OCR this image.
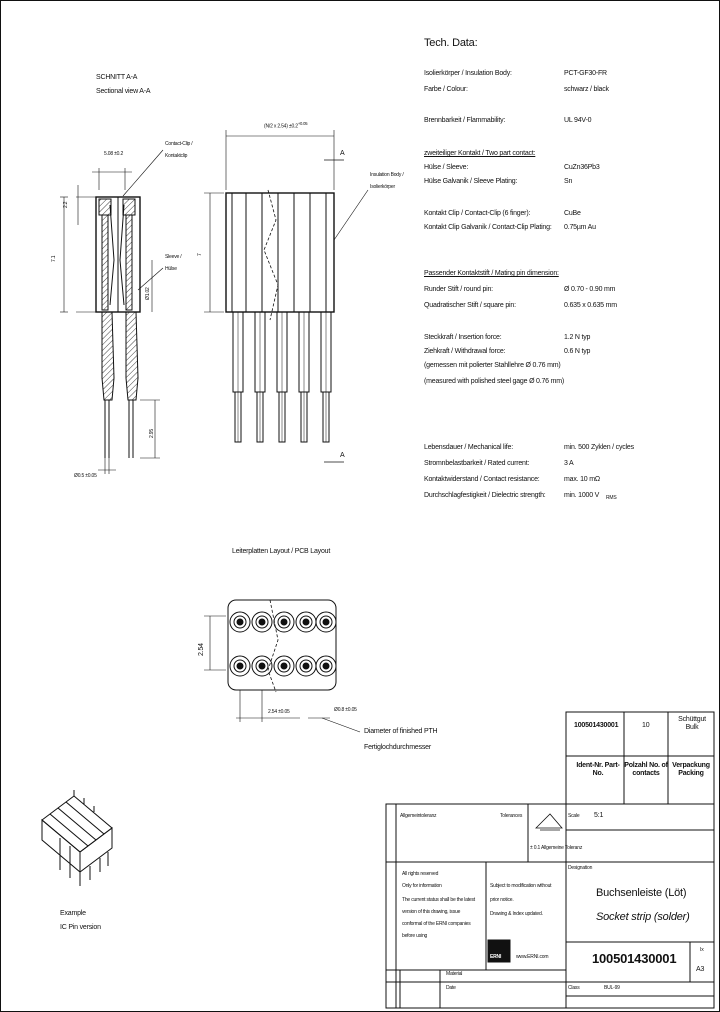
Tech. Data:
Isolierkörper / Insulation Body:	PCT-GF30-FR
Farbe / Colour:	schwarz / black
Brennbarkeit / Flammability:	UL 94V-0
zweiteiliger Kontakt / Two part contact:
Hülse / Sleeve:	CuZn36Pb3
Hülse Galvanik / Sleeve Plating:	Sn
Kontakt Clip / Contact-Clip (6 finger):	CuBe
Kontakt Clip Galvanik / Contact-Clip Plating: 0.75µm Au
Passender Kontaktstift / Mating pin dimension:
Runder Stift / round pin:	Ø 0.70 - 0.90 mm
Quadratischer Stift / square pin:	0.635 x 0.635 mm
Steckkraft / Insertion force:	1.2 N typ
Ziehkraft / Withdrawal force:	0.6 N typ
(gemessen mit polierter Stahllehre Ø 0.76 mm)
(measured with polished steel gage Ø 0.76 mm)
Lebensdauer / Mechanical life:	min. 500 Zyklen / cycles
Stromnbelastbarkeit / Rated current:	3 A
Kontaktwiderstand / Contact resistance:	max. 10 mΩ
Durchschlagfestigkeit / Dielectric strength:	min. 1000 V RMS
SCHNITT A-A
Sectional view A-A
Contact-Clip /
Kontaktclip
Sleeve /
Hülse
Insulation Body /
Isolierkörper
(N/2 x $2.54) \pm 0.2^{+0.05}$
5.08 ±0.2
2.2
7.1
7
Ø1.02
2.95
Ø0.5 ±0.05
A
A
Leiterplatten Layout / PCB Layout
2.54
2.54 ±0.05	Ø0.8 ±0.05
Diameter of finished PTH
Fertiglochdurchmesser
Example
IC Pin version
100501430001	10
Schüttgut Bulk
Ident-Nr. Part-No.
Polzahl No. of contacts
Verpackung Packing
Allgemeintoleranz	Tolerances
± 0.1 Allgemeine Toleranz
Scale 5:1
Designation
Buchsenleiste (Löt)
Socket strip (solder)
All rights reserved
Only for information
The current status shall be the latest
version of this drawing, issue
conformal of the ERNI companies
before using
Subject to modification without
prior notice.
Drawing & Index updated.
ERNI	www.ERNI.com	100501430001
Ix
A3
Material
Date	Class	BUL-99
